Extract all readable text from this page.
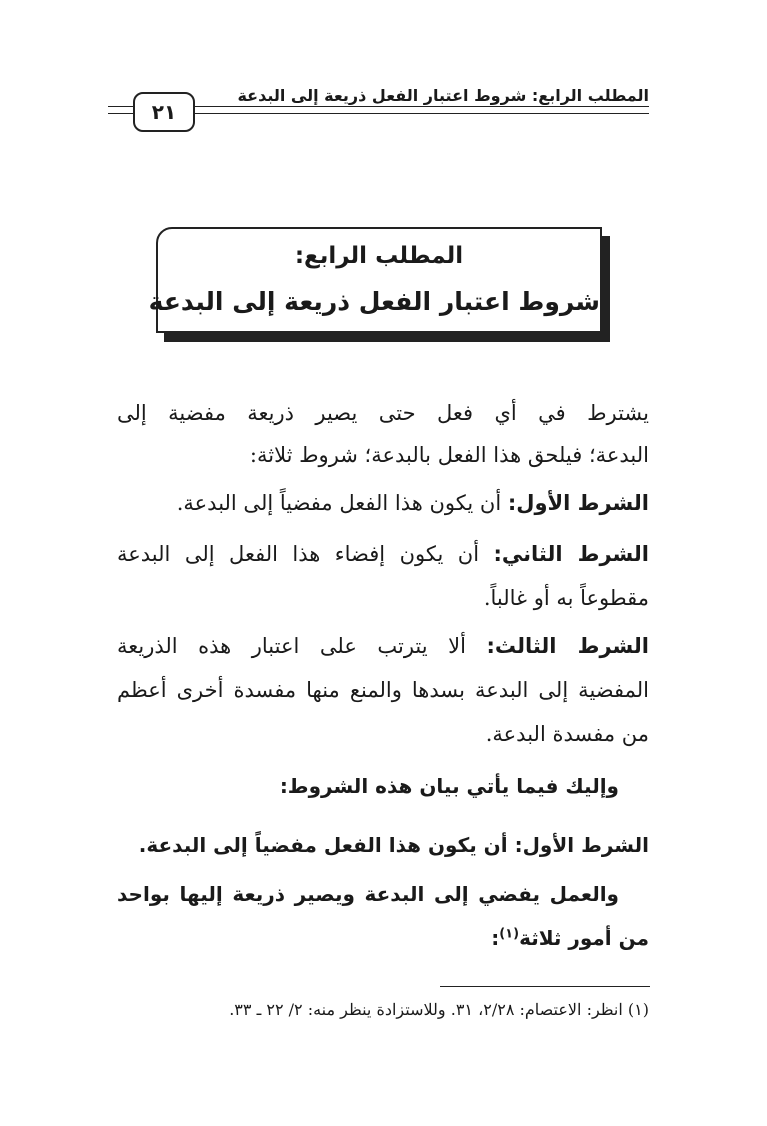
المطلب الرابع: شروط اعتبار الفعل ذريعة إلى البدعة
٢١
المطلب الرابع:
شروط اعتبار الفعل ذريعة إلى البدعة
يشترط في أي فعل حتى يصير ذريعة مفضية إلى
البدعة؛ فيلحق هذا الفعل بالبدعة؛ شروط ثلاثة:
الشرط الأول: أن يكون هذا الفعل مفضياً إلى البدعة.
الشرط الثاني: أن يكون إفضاء هذا الفعل إلى البدعة
مقطوعاً به أو غالباً.
الشرط الثالث: ألا يترتب على اعتبار هذه الذريعة
المفضية إلى البدعة بسدها والمنع منها مفسدة أخرى أعظم
من مفسدة البدعة.
وإليك فيما يأتي بيان هذه الشروط:
الشرط الأول: أن يكون هذا الفعل مفضياً إلى البدعة.
والعمل يفضي إلى البدعة ويصير ذريعة إليها بواحد
من أمور ثلاثة$^{(١)}$:
(١) انظر: الاعتصام: ٢/٢٨، ٣١. وللاستزادة ينظر منه: ٢/ ٢٢ ـ ٣٣.
